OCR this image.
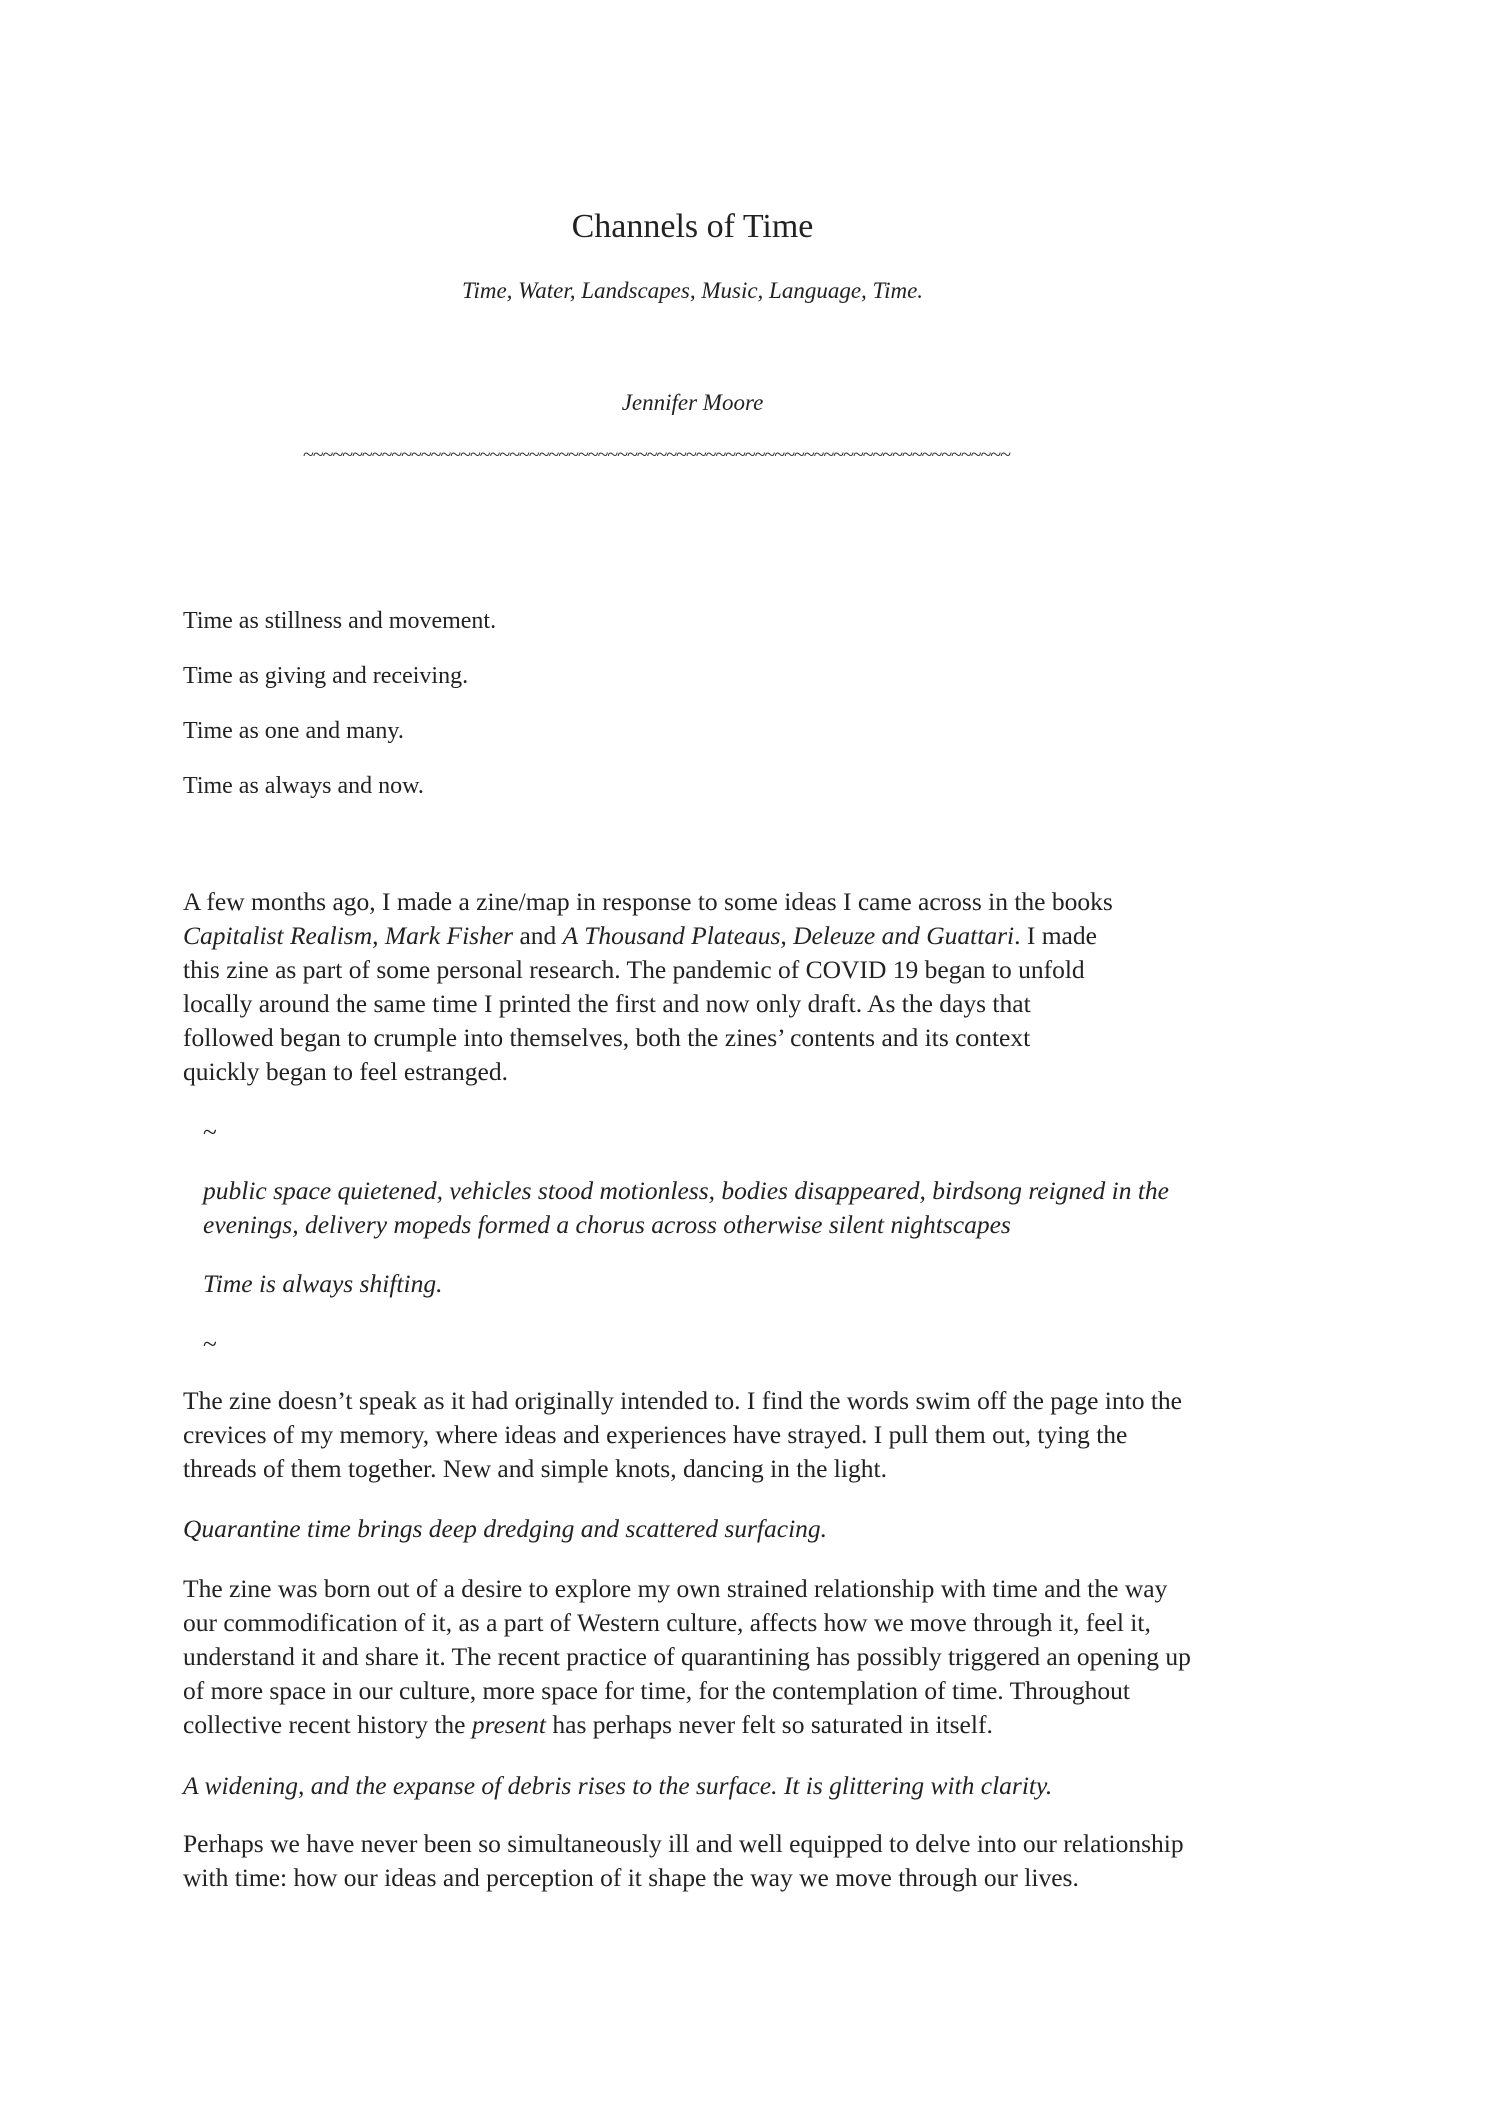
Channels of Time
Time, Water, Landscapes, Music, Language, Time.
Jennifer Moore
~~~~~~~~~~~~~~~~~~~~~~~~~~~~~~~~~~~~~~~~~~~~~~~~~~~~~~~~~~~~~~~~~~~~~~~~
Time as stillness and movement.
Time as giving and receiving.
Time as one and many.
Time as always and now.
A few months ago, I made a zine/map in response to some ideas I came across in the books
Capitalist Realism, Mark Fisher and A Thousand Plateaus, Deleuze and Guattari. I made
this zine as part of some personal research. The pandemic of COVID 19 began to unfold
locally around the same time I printed the first and now only draft. As the days that
followed began to crumple into themselves, both the zines’ contents and its context
quickly began to feel estranged.
~
public space quietened, vehicles stood motionless, bodies disappeared, birdsong reigned in the
evenings, delivery mopeds formed a chorus across otherwise silent nightscapes
Time is always shifting.
~
The zine doesn’t speak as it had originally intended to. I find the words swim off the page into the
crevices of my memory, where ideas and experiences have strayed. I pull them out, tying the
threads of them together. New and simple knots, dancing in the light.
Quarantine time brings deep dredging and scattered surfacing.
The zine was born out of a desire to explore my own strained relationship with time and the way
our commodification of it, as a part of Western culture, affects how we move through it, feel it,
understand it and share it. The recent practice of quarantining has possibly triggered an opening up
of more space in our culture, more space for time, for the contemplation of time. Throughout
collective recent history the present has perhaps never felt so saturated in itself.
A widening, and the expanse of debris rises to the surface. It is glittering with clarity.
Perhaps we have never been so simultaneously ill and well equipped to delve into our relationship
with time: how our ideas and perception of it shape the way we move through our lives.
